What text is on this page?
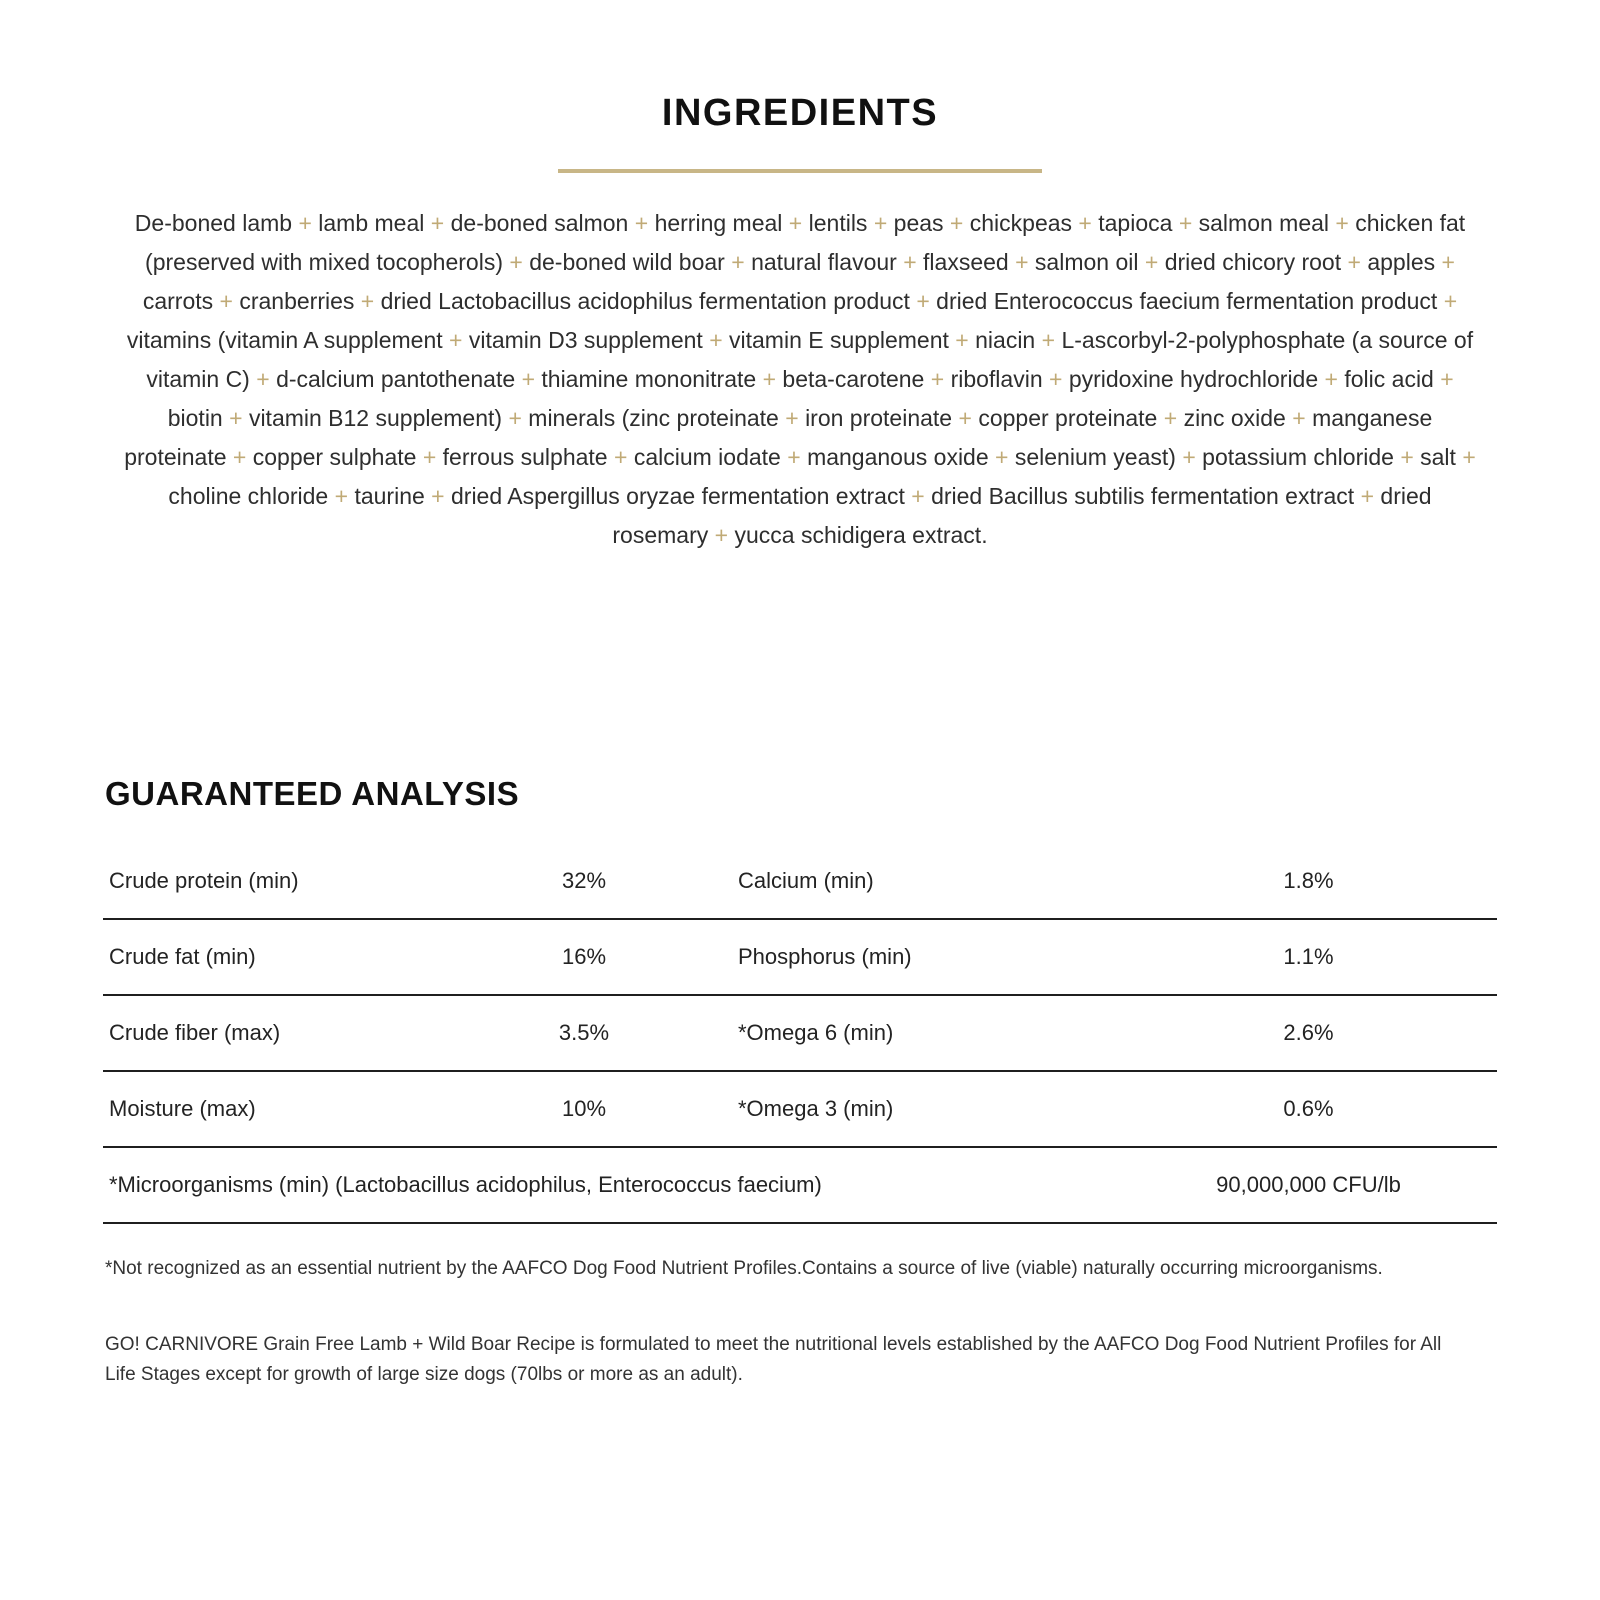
INGREDIENTS

De-boned lamb + lamb meal + de-boned salmon + herring meal + lentils + peas + chickpeas + tapioca + salmon meal + chicken fat (preserved with mixed tocopherols) + de-boned wild boar + natural flavour + flaxseed + salmon oil + dried chicory root + apples + carrots + cranberries + dried Lactobacillus acidophilus fermentation product + dried Enterococcus faecium fermentation product + vitamins (vitamin A supplement + vitamin D3 supplement + vitamin E supplement + niacin + L-ascorbyl-2-polyphosphate (a source of vitamin C) + d-calcium pantothenate + thiamine mononitrate + beta-carotene + riboflavin + pyridoxine hydrochloride + folic acid + biotin + vitamin B12 supplement) + minerals (zinc proteinate + iron proteinate + copper proteinate + zinc oxide + manganese proteinate + copper sulphate + ferrous sulphate + calcium iodate + manganous oxide + selenium yeast) + potassium chloride + salt + choline chloride + taurine + dried Aspergillus oryzae fermentation extract + dried Bacillus subtilis fermentation extract + dried rosemary + yucca schidigera extract.

GUARANTEED ANALYSIS
Crude protein (min)	32%	Calcium (min)	1.8%
Crude fat (min)	16%	Phosphorus (min)	1.1%
Crude fiber (max)	3.5%	*Omega 6 (min)	2.6%
Moisture (max)	10%	*Omega 3 (min)	0.6%
*Microorganisms (min) (Lactobacillus acidophilus, Enterococcus faecium)	90,000,000 CFU/lb

*Not recognized as an essential nutrient by the AAFCO Dog Food Nutrient Profiles.Contains a source of live (viable) naturally occurring microorganisms.

GO! CARNIVORE Grain Free Lamb + Wild Boar Recipe is formulated to meet the nutritional levels established by the AAFCO Dog Food Nutrient Profiles for All Life Stages except for growth of large size dogs (70lbs or more as an adult).
